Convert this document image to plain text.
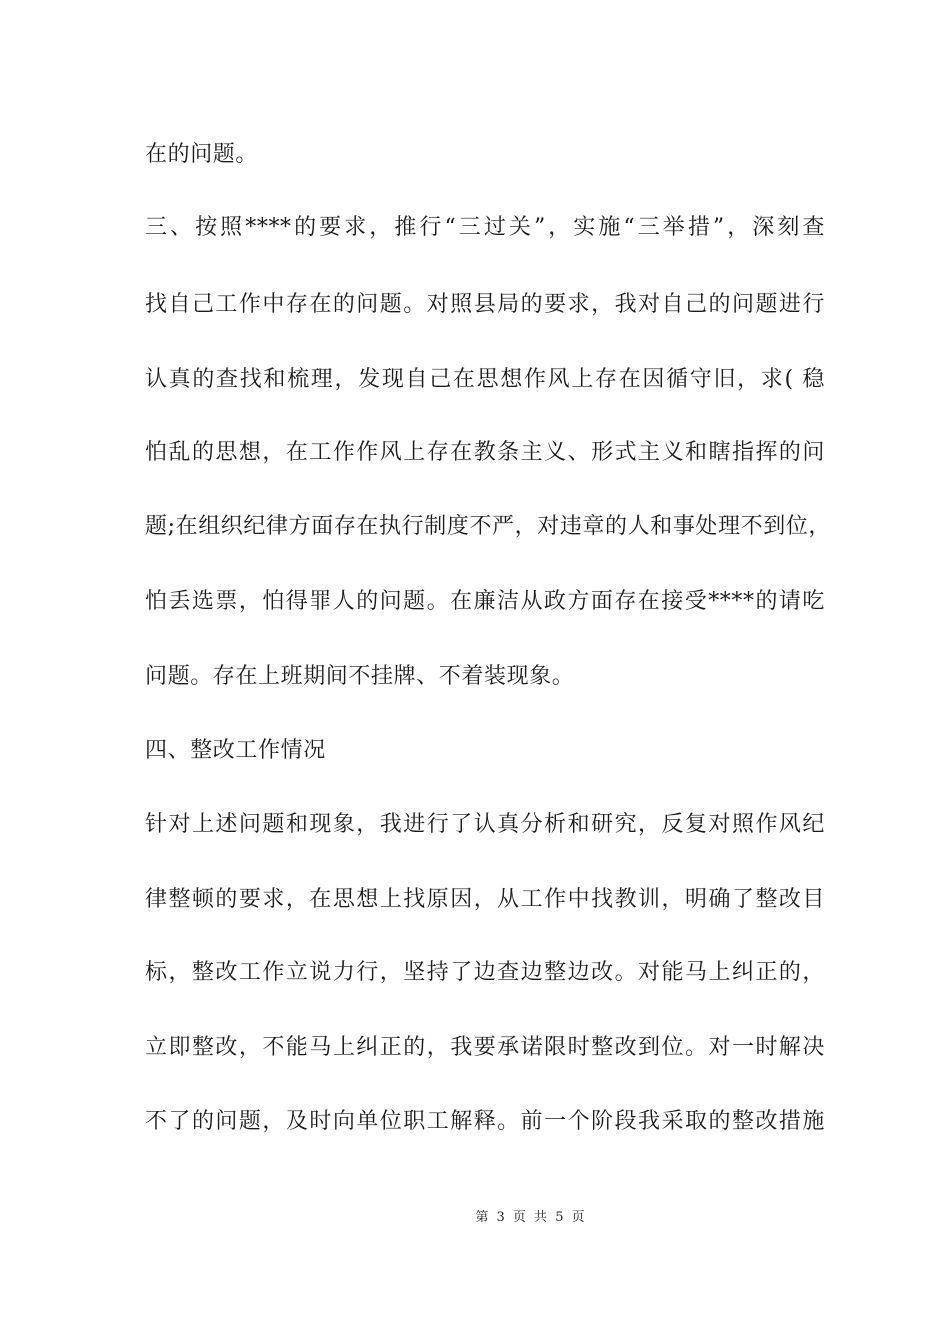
在的问题。
三、按照****的要求，推行“三过关”，实施“三举措”，深刻查
找自己工作中存在的问题。对照县局的要求，我对自己的问题进行
认真的查找和梳理，发现自己在思想作风上存在因循守旧，求( 稳
怕乱的思想，在工作作风上存在教条主义、形式主义和瞎指挥的问
题;在组织纪律方面存在执行制度不严，对违章的人和事处理不到位，
怕丢选票，怕得罪人的问题。在廉洁从政方面存在接受****的请吃
问题。存在上班期间不挂牌、不着装现象。
四、整改工作情况
针对上述问题和现象，我进行了认真分析和研究，反复对照作风纪
律整顿的要求，在思想上找原因，从工作中找教训，明确了整改目
标，整改工作立说力行，坚持了边查边整边改。对能马上纠正的，
立即整改，不能马上纠正的，我要承诺限时整改到位。对一时解决
不了的问题，及时向单位职工解释。前一个阶段我采取的整改措施
第 3 页 共 5 页
